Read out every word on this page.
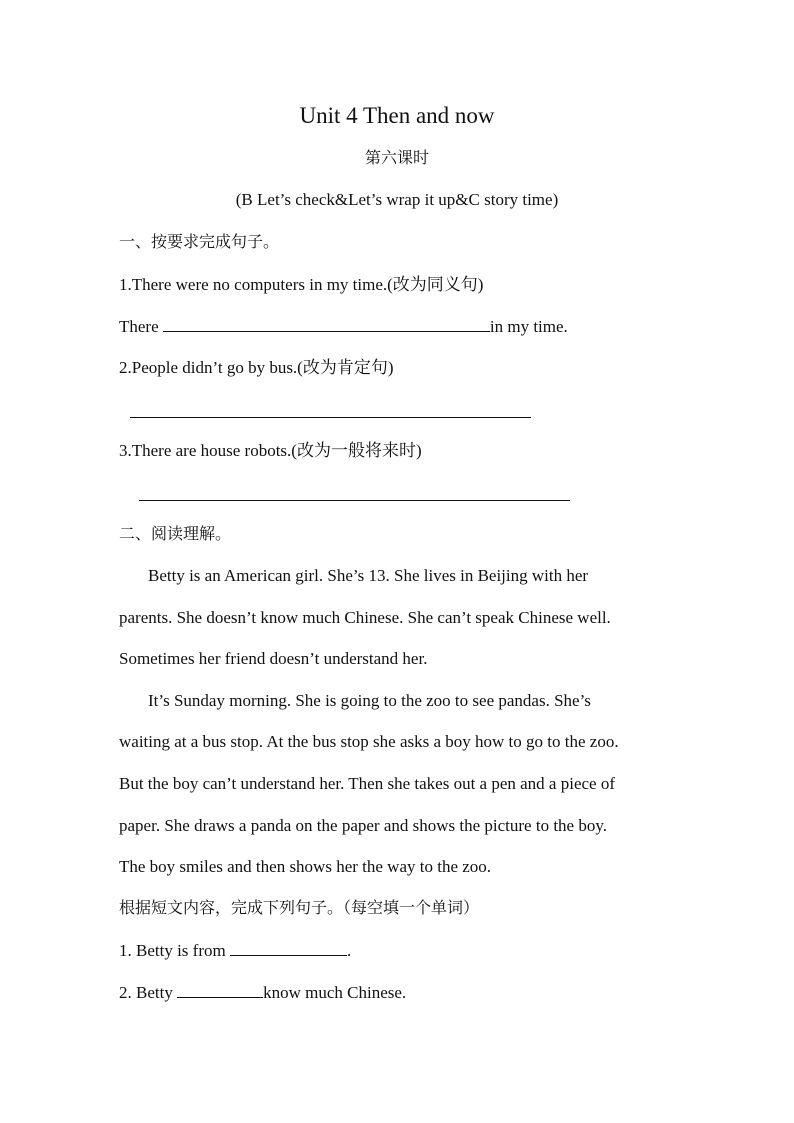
Unit 4 Then and now
第六课时
(B Let’s check&Let’s wrap it up&C story time)
一、按要求完成句子。
1.There were no computers in my time.(改为同义句)
There	in my time.
2.People didn’t go by bus.(改为肯定句)
3.There are house robots.(改为一般将来时)
二、阅读理解。
Betty is an American girl. She’s 13. She lives in Beijing with her
parents. She doesn’t know much Chinese. She can’t speak Chinese well.
Sometimes her friend doesn’t understand her.
It’s Sunday morning. She is going to the zoo to see pandas. She’s
waiting at a bus stop. At the bus stop she asks a boy how to go to the zoo.
But the boy can’t understand her. Then she takes out a pen and a piece of
paper. She draws a panda on the paper and shows the picture to the boy.
The boy smiles and then shows her the way to the zoo.
根据短文内容，完成下列句子。（每空填一个单词）
1. Betty is from	.
2. Betty	know much Chinese.
